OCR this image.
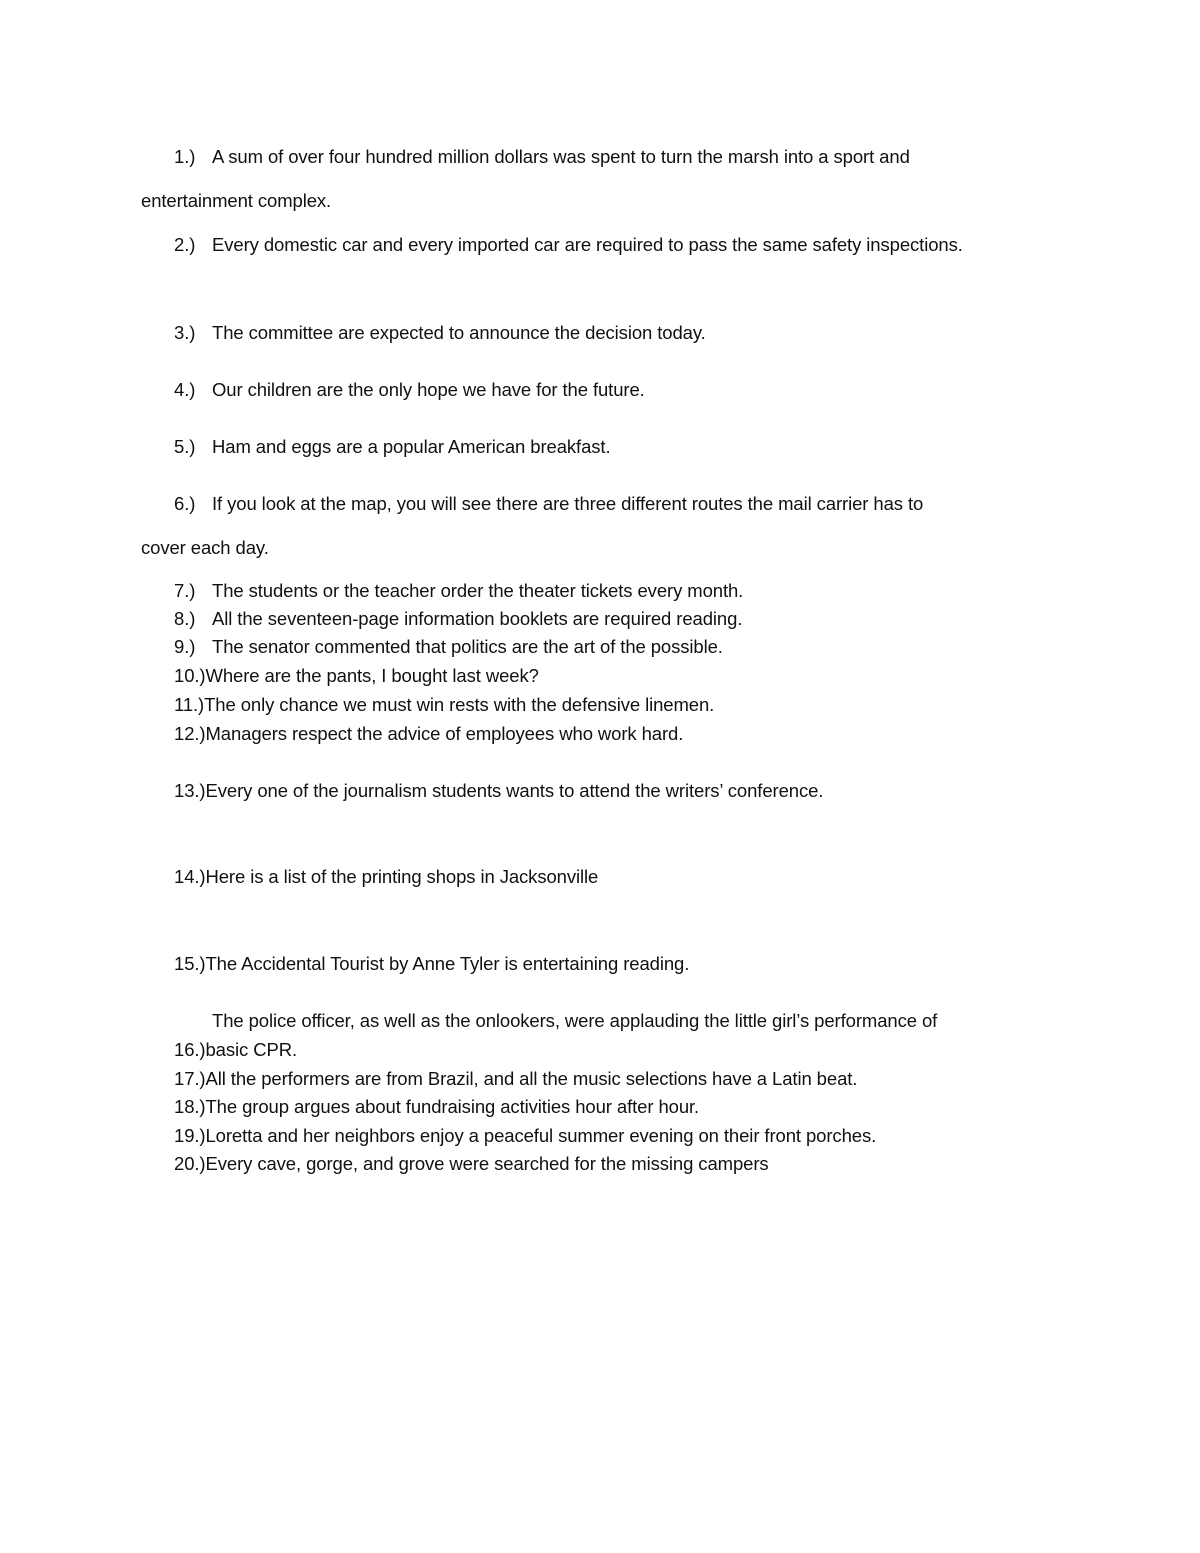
1.) A sum of over four hundred million dollars was spent to turn the marsh into a sport and
entertainment complex.
2.) Every domestic car and every imported car are required to pass the same safety inspections.
3.) The committee are expected to announce the decision today.
4.) Our children are the only hope we have for the future.
5.) Ham and eggs are a popular American breakfast.
6.) If you look at the map, you will see there are three different routes the mail carrier has to
cover each day.
7.) The students or the teacher order the theater tickets every month.
8.) All the seventeen-page information booklets are required reading.
9.) The senator commented that politics are the art of the possible.
10.)Where are the pants, I bought last week?
11.)The only chance we must win rests with the defensive linemen.
12.)Managers respect the advice of employees who work hard.
13.)Every one of the journalism students wants to attend the writers’ conference.
14.)Here is a list of the printing shops in Jacksonville
15.)The Accidental Tourist by Anne Tyler is entertaining reading.
The police officer, as well as the onlookers, were applauding the little girl’s performance of
16.)basic CPR.
17.)All the performers are from Brazil, and all the music selections have a Latin beat.
18.)The group argues about fundraising activities hour after hour.
19.)Loretta and her neighbors enjoy a peaceful summer evening on their front porches.
20.)Every cave, gorge, and grove were searched for the missing campers
